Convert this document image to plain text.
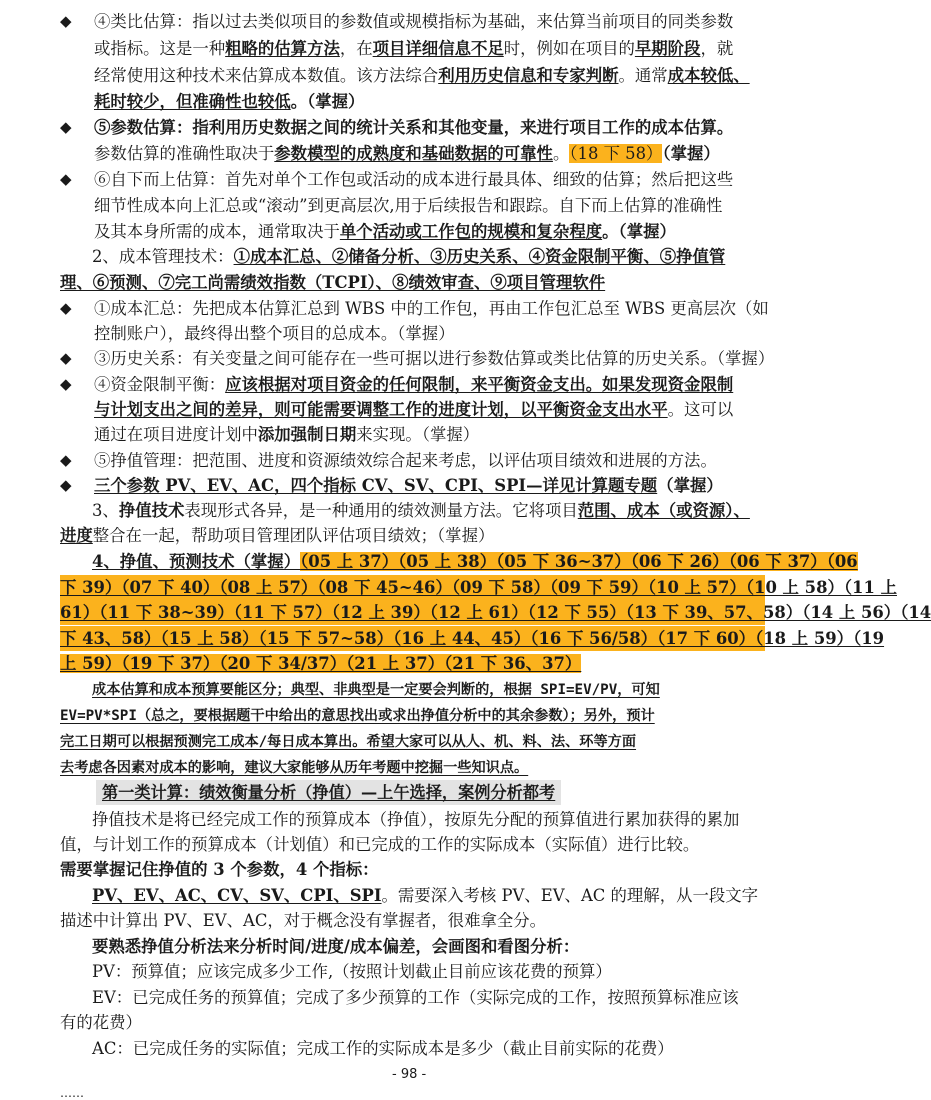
◆ ④类比估算：指以过去类似项目的参数值或规模指标为基础，来估算当前项目的同类参数
或指标。这是一种粗略的估算方法，在项目详细信息不足时，例如在项目的早期阶段，就
经常使用这种技术来估算成本数值。该方法综合利用历史信息和专家判断。通常成本较低、
耗时较少，但准确性也较低。（掌握）
◆ ⑤参数估算：指利用历史数据之间的统计关系和其他变量，来进行项目工作的成本估算。
参数估算的准确性取决于参数模型的成熟度和基础数据的可靠性。（18 下 58）（掌握）
◆ ⑥自下而上估算：首先对单个工作包或活动的成本进行最具体、细致的估算；然后把这些
细节性成本向上汇总或“滚动”到更高层次,用于后续报告和跟踪。自下而上估算的准确性
及其本身所需的成本，通常取决于单个活动或工作包的规模和复杂程度。（掌握）
2、成本管理技术：①成本汇总、②储备分析、③历史关系、④资金限制平衡、⑤挣值管
理、⑥预测、⑦完工尚需绩效指数（TCPI）、⑧绩效审查、⑨项目管理软件
◆ ①成本汇总：先把成本估算汇总到 WBS 中的工作包，再由工作包汇总至 WBS 更高层次（如
控制账户），最终得出整个项目的总成本。（掌握）
◆ ③历史关系：有关变量之间可能存在一些可据以进行参数估算或类比估算的历史关系。（掌握）
◆ ④资金限制平衡：应该根据对项目资金的任何限制，来平衡资金支出。如果发现资金限制
与计划支出之间的差异，则可能需要调整工作的进度计划，以平衡资金支出水平。这可以
通过在项目进度计划中添加强制日期来实现。（掌握）
◆ ⑤挣值管理：把范围、进度和资源绩效综合起来考虑，以评估项目绩效和进展的方法。
◆ 三个参数 PV、EV、AC，四个指标 CV、SV、CPI、SPI—详见计算题专题（掌握）
3、挣值技术表现形式各异，是一种通用的绩效测量方法。它将项目范围、成本（或资源）、
进度整合在一起，帮助项目管理团队评估项目绩效；（掌握）
4、挣值、预测技术（掌握）（05 上 37）（05 上 38）（05 下 36~37）（06 下 26）（06 下 37）（06
下 39）（07 下 40）（08 上 57）（08 下 45~46）（09 下 58）（09 下 59）（10 上 57）（10 上 58）（11 上
61）（11 下 38~39）（11 下 57）（12 上 39）（12 上 61）（12 下 55）（13 下 39、57、58）（14 上 56）（14
下 43、58）（15 上 58）（15 下 57~58）（16 上 44、45）（16 下 56/58）（17 下 60）（18 上 59）（19
上 59）（19 下 37）（20 下 34/37）（21 上 37）（21 下 36、37）
成本估算和成本预算要能区分；典型、非典型是一定要会判断的，根据 SPI=EV/PV，可知
EV=PV*SPI（总之，要根据题干中给出的意思找出或求出挣值分析中的其余参数）；另外，预计
完工日期可以根据预测完工成本/每日成本算出。希望大家可以从人、机、料、法、环等方面
去考虑各因素对成本的影响，建议大家能够从历年考题中挖掘一些知识点。
第一类计算：绩效衡量分析（挣值）—上午选择，案例分析都考
挣值技术是将已经完成工作的预算成本（挣值），按原先分配的预算值进行累加获得的累加
值，与计划工作的预算成本（计划值）和已完成的工作的实际成本（实际值）进行比较。
需要掌握记住挣值的 3 个参数，4 个指标：
PV、EV、AC、CV、SV、CPI、SPI。需要深入考核 PV、EV、AC 的理解，从一段文字
描述中计算出 PV、EV、AC，对于概念没有掌握者，很难拿全分。
要熟悉挣值分析法来分析时间/进度/成本偏差，会画图和看图分析：
PV：预算值；应该完成多少工作,（按照计划截止目前应该花费的预算）
EV：已完成任务的预算值；完成了多少预算的工作（实际完成的工作，按照预算标准应该
有的花费）
AC：已完成任务的实际值；完成工作的实际成本是多少（截止目前实际的花费）
- 98 -
……
